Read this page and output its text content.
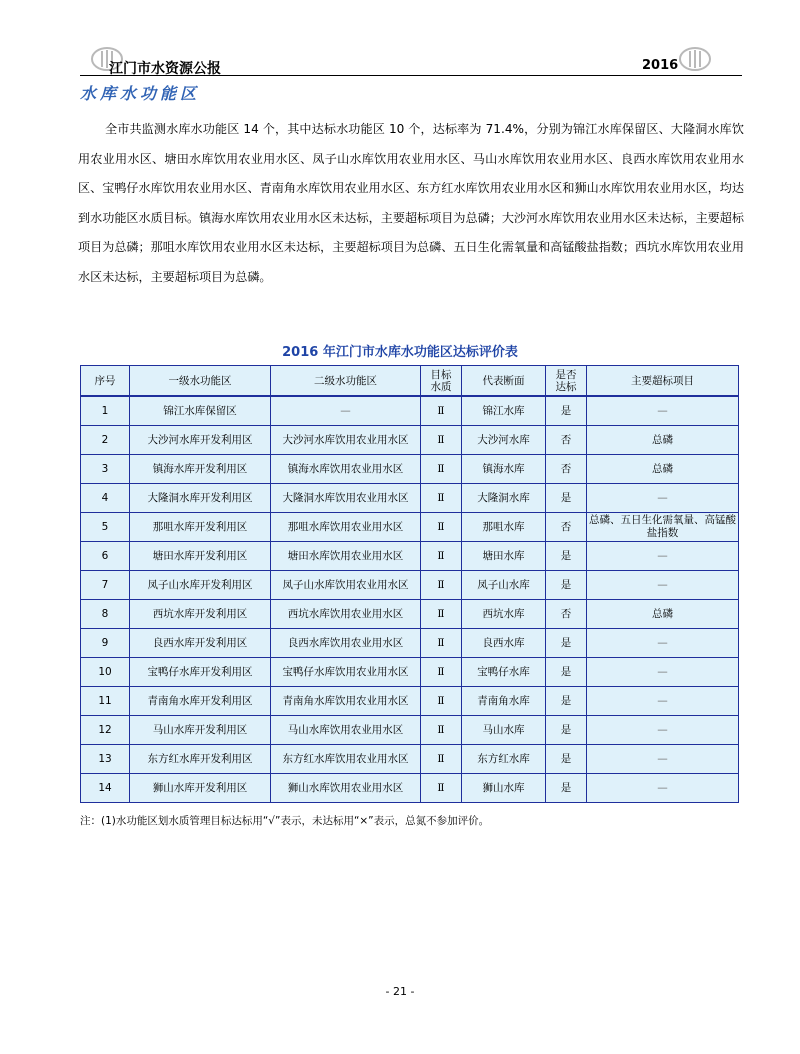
江门市水资源公报	2016
水库水功能区
全市共监测水库水功能区 14 个，其中达标水功能区 10 个，达标率为 71.4%，分别为锦江水库保留区、大隆洞水库饮用农业用水区、塘田水库饮用农业用水区、凤子山水库饮用农业用水区、马山水库饮用农业用水区、良西水库饮用农业用水区、宝鸭仔水库饮用农业用水区、青南角水库饮用农业用水区、东方红水库饮用农业用水区和狮山水库饮用农业用水区，均达到水功能区水质目标。镇海水库饮用农业用水区未达标，主要超标项目为总磷；大沙河水库饮用农业用水区未达标，主要超标项目为总磷；那咀水库饮用农业用水区未达标，主要超标项目为总磷、五日生化需氧量和高锰酸盐指数；西坑水库饮用农业用水区未达标，主要超标项目为总磷。
2016 年江门市水库水功能区达标评价表
序号	一级水功能区	二级水功能区	目标水质	代表断面	是否达标	主要超标项目
1	锦江水库保留区	—	Ⅱ	锦江水库	是	—
2	大沙河水库开发利用区	大沙河水库饮用农业用水区	Ⅱ	大沙河水库	否	总磷
3	镇海水库开发利用区	镇海水库饮用农业用水区	Ⅱ	镇海水库	否	总磷
4	大隆洞水库开发利用区	大隆洞水库饮用农业用水区	Ⅱ	大隆洞水库	是	—
5	那咀水库开发利用区	那咀水库饮用农业用水区	Ⅱ	那咀水库	否	总磷、五日生化需氧量、高锰酸盐指数
6	塘田水库开发利用区	塘田水库饮用农业用水区	Ⅱ	塘田水库	是	—
7	凤子山水库开发利用区	凤子山水库饮用农业用水区	Ⅱ	凤子山水库	是	—
8	西坑水库开发利用区	西坑水库饮用农业用水区	Ⅱ	西坑水库	否	总磷
9	良西水库开发利用区	良西水库饮用农业用水区	Ⅱ	良西水库	是	—
10	宝鸭仔水库开发利用区	宝鸭仔水库饮用农业用水区	Ⅱ	宝鸭仔水库	是	—
11	青南角水库开发利用区	青南角水库饮用农业用水区	Ⅱ	青南角水库	是	—
12	马山水库开发利用区	马山水库饮用农业用水区	Ⅱ	马山水库	是	—
13	东方红水库开发利用区	东方红水库饮用农业用水区	Ⅱ	东方红水库	是	—
14	狮山水库开发利用区	狮山水库饮用农业用水区	Ⅱ	狮山水库	是	—
注：(1)水功能区划水质管理目标达标用“√”表示，未达标用“×”表示，总氮不参加评价。
- 21 -
